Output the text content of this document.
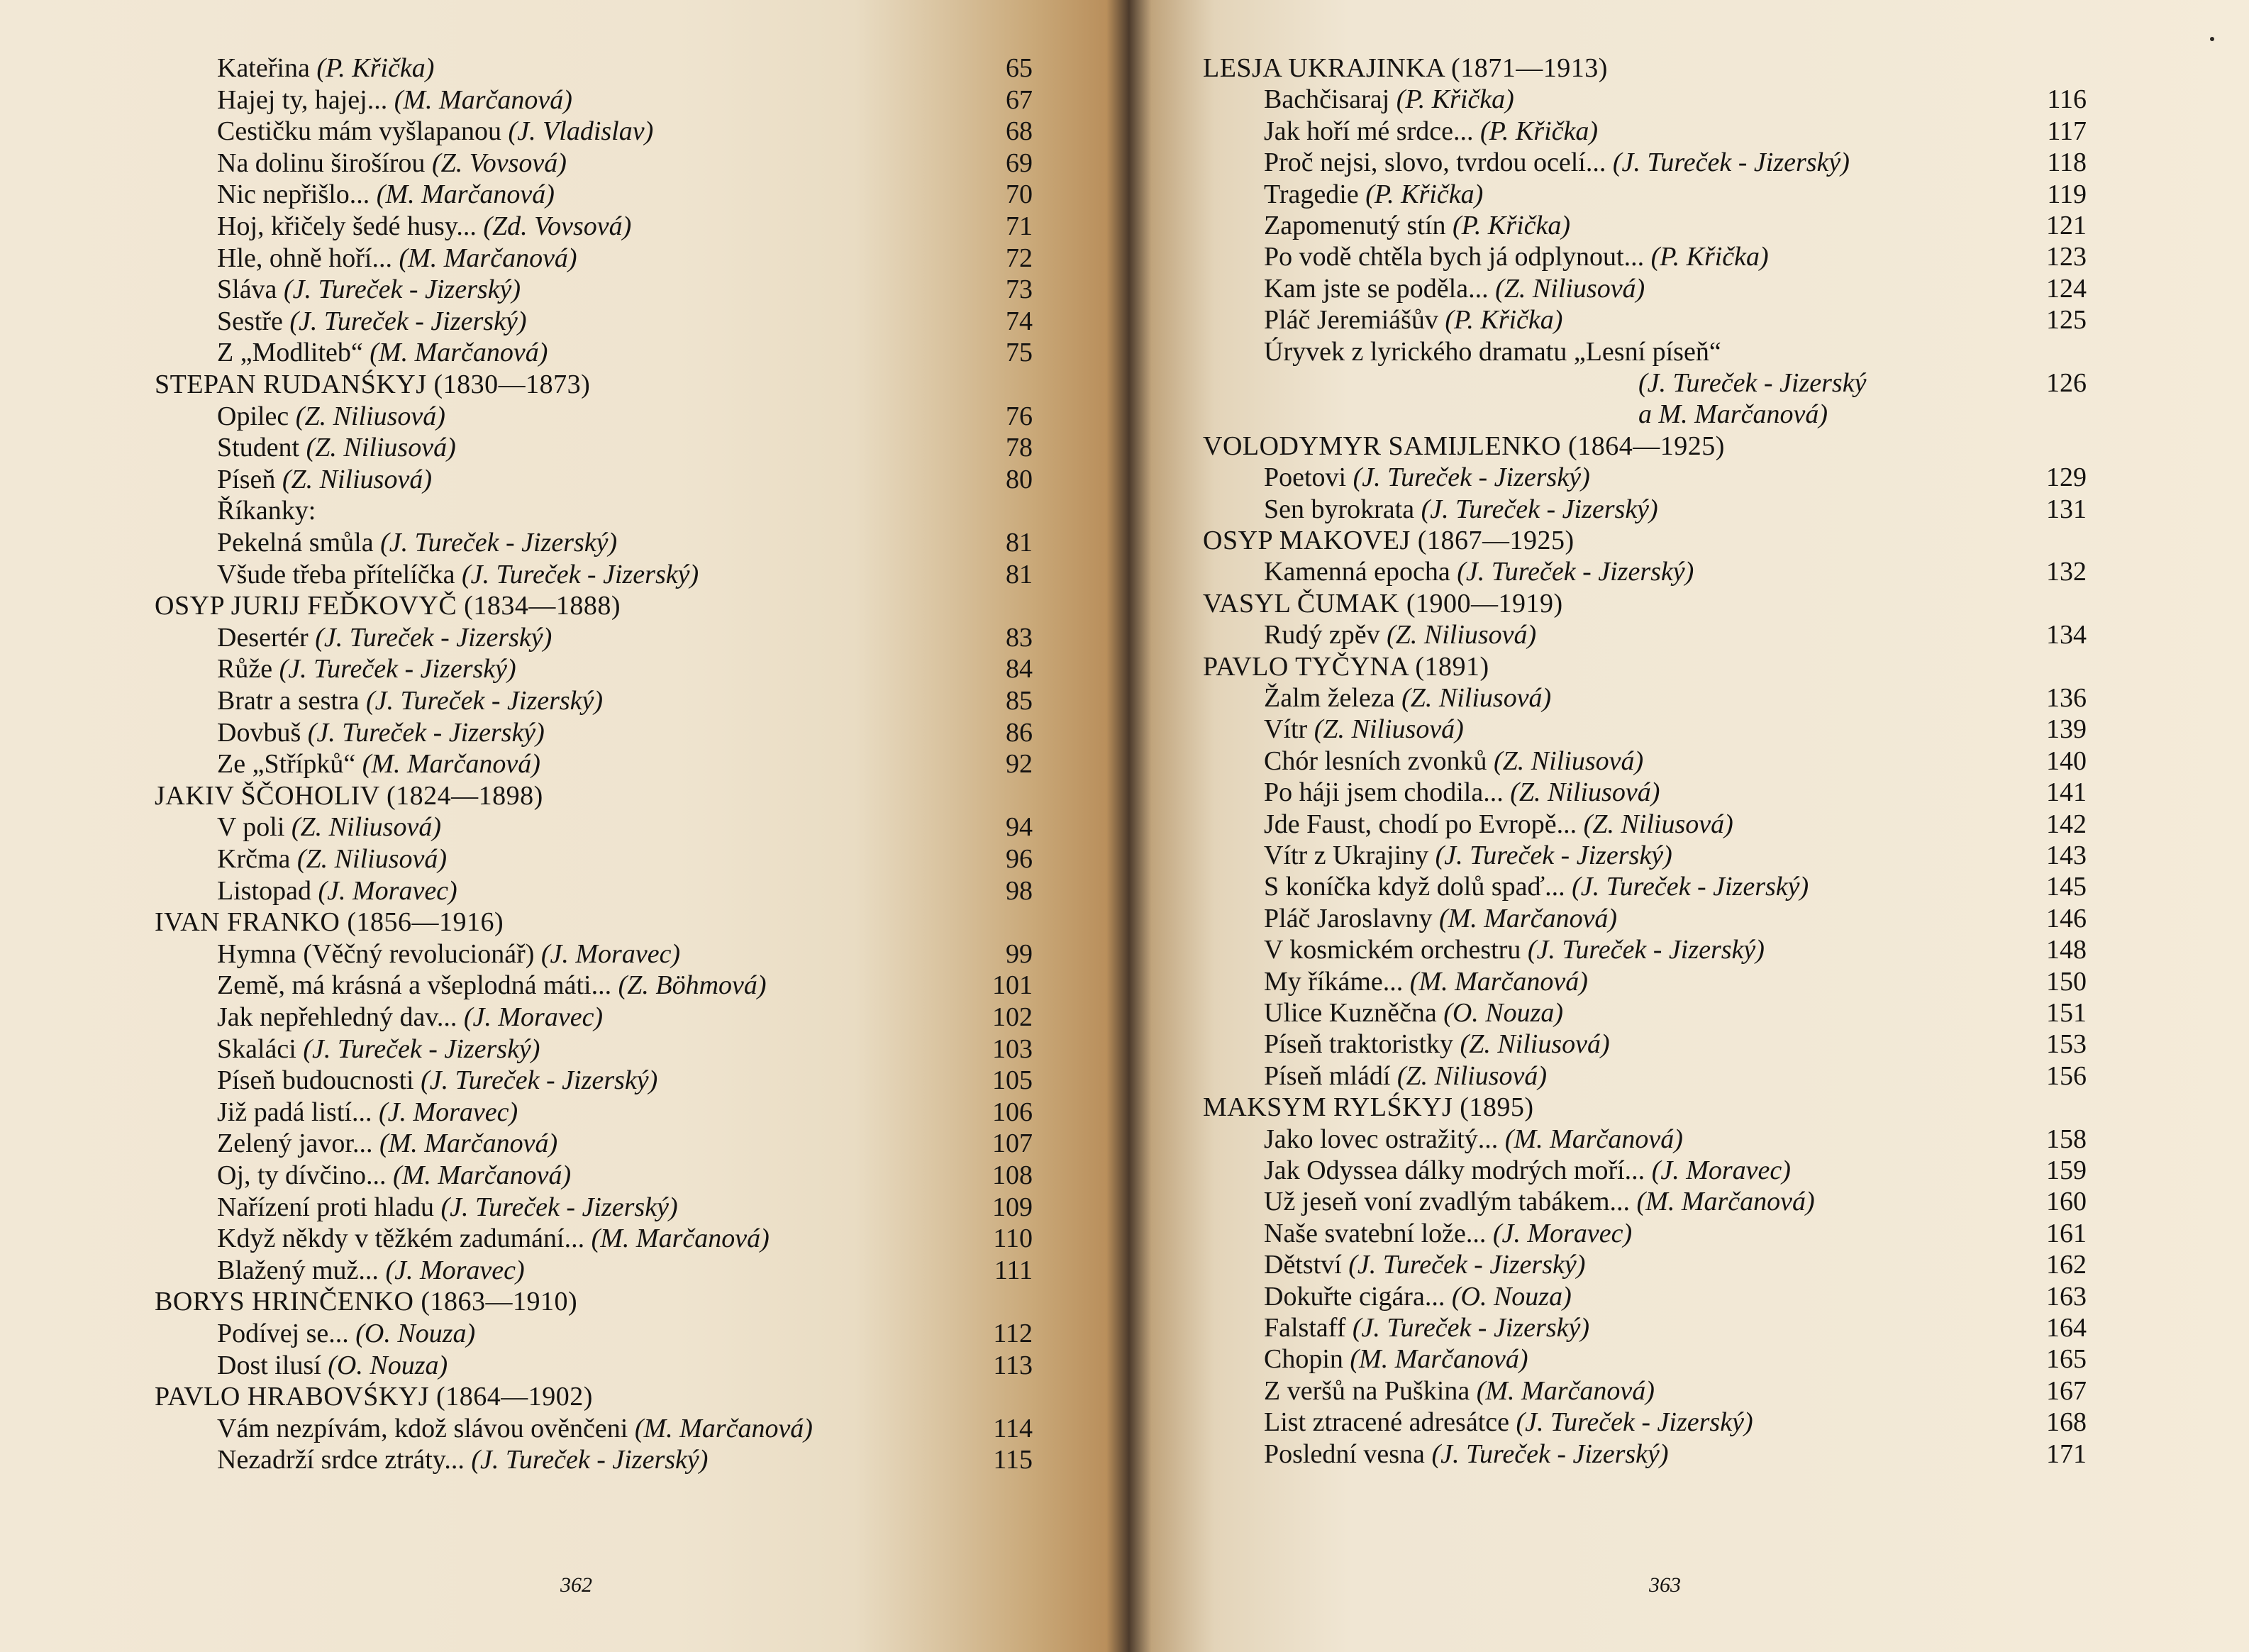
Kateřina (P. Křička)	65
Hajej ty, hajej... (M. Marčanová)	67
Cestičku mám vyšlapanou (J. Vladislav)	68
Na dolinu širošírou (Z. Vovsová)	69
Nic nepřišlo... (M. Marčanová)	70
Hoj, křičely šedé husy... (Zd. Vovsová)	71
Hle, ohně hoří... (M. Marčanová)	72
Sláva (J. Tureček - Jizerský)	73
Sestře (J. Tureček - Jizerský)	74
Z „Modliteb“ (M. Marčanová)	75
STEPAN RUDANŚKYJ (1830—1873)
Opilec (Z. Niliusová)	76
Student (Z. Niliusová)	78
Píseň (Z. Niliusová)	80
Říkanky:
Pekelná smůla (J. Tureček - Jizerský)	81
Všude třeba přítelíčka (J. Tureček - Jizerský)	81
OSYP JURIJ FEĎKOVYČ (1834—1888)
Desertér (J. Tureček - Jizerský)	83
Růže (J. Tureček - Jizerský)	84
Bratr a sestra (J. Tureček - Jizerský)	85
Dovbuš (J. Tureček - Jizerský)	86
Ze „Střípků“ (M. Marčanová)	92
JAKIV ŠČOHOLIV (1824—1898)
V poli (Z. Niliusová)	94
Krčma (Z. Niliusová)	96
Listopad (J. Moravec)	98
IVAN FRANKO (1856—1916)
Hymna (Věčný revolucionář) (J. Moravec)	99
Země, má krásná a všeplodná máti... (Z. Böhmová)	101
Jak nepřehledný dav... (J. Moravec)	102
Skaláci (J. Tureček - Jizerský)	103
Píseň budoucnosti (J. Tureček - Jizerský)	105
Již padá listí... (J. Moravec)	106
Zelený javor... (M. Marčanová)	107
Oj, ty dívčino... (M. Marčanová)	108
Nařízení proti hladu (J. Tureček - Jizerský)	109
Když někdy v těžkém zadumání... (M. Marčanová)	110
Blažený muž... (J. Moravec)	111
BORYS HRINČENKO (1863—1910)
Podívej se... (O. Nouza)	112
Dost ilusí (O. Nouza)	113
PAVLO HRABOVŚKYJ (1864—1902)
Vám nezpívám, kdož slávou ověnčeni (M. Marčanová)	114
Nezadrží srdce ztráty... (J. Tureček - Jizerský)	115
362
LESJA UKRAJINKA (1871—1913)
Bachčisaraj (P. Křička)	116
Jak hoří mé srdce... (P. Křička)	117
Proč nejsi, slovo, tvrdou ocelí... (J. Tureček - Jizerský)	118
Tragedie (P. Křička)	119
Zapomenutý stín (P. Křička)	121
Po vodě chtěla bych já odplynout... (P. Křička)	123
Kam jste se poděla... (Z. Niliusová)	124
Pláč Jeremiášův (P. Křička)	125
Úryvek z lyrického dramatu „Lesní píseň“
(J. Tureček - Jizerský	126
a M. Marčanová)
VOLODYMYR SAMIJLENKO (1864—1925)
Poetovi (J. Tureček - Jizerský)	129
Sen byrokrata (J. Tureček - Jizerský)	131
OSYP MAKOVEJ (1867—1925)
Kamenná epocha (J. Tureček - Jizerský)	132
VASYL ČUMAK (1900—1919)
Rudý zpěv (Z. Niliusová)	134
PAVLO TYČYNA (1891)
Žalm železa (Z. Niliusová)	136
Vítr (Z. Niliusová)	139
Chór lesních zvonků (Z. Niliusová)	140
Po háji jsem chodila... (Z. Niliusová)	141
Jde Faust, chodí po Evropě... (Z. Niliusová)	142
Vítr z Ukrajiny (J. Tureček - Jizerský)	143
S koníčka když dolů spaď... (J. Tureček - Jizerský)	145
Pláč Jaroslavny (M. Marčanová)	146
V kosmickém orchestru (J. Tureček - Jizerský)	148
My říkáme... (M. Marčanová)	150
Ulice Kuzněčna (O. Nouza)	151
Píseň traktoristky (Z. Niliusová)	153
Píseň mládí (Z. Niliusová)	156
MAKSYM RYLŚKYJ (1895)
Jako lovec ostražitý... (M. Marčanová)	158
Jak Odyssea dálky modrých moří... (J. Moravec)	159
Už jeseň voní zvadlým tabákem... (M. Marčanová)	160
Naše svatební lože... (J. Moravec)	161
Dětství (J. Tureček - Jizerský)	162
Dokuřte cigára... (O. Nouza)	163
Falstaff (J. Tureček - Jizerský)	164
Chopin (M. Marčanová)	165
Z veršů na Puškina (M. Marčanová)	167
List ztracené adresátce (J. Tureček - Jizerský)	168
Poslední vesna (J. Tureček - Jizerský)	171
363
